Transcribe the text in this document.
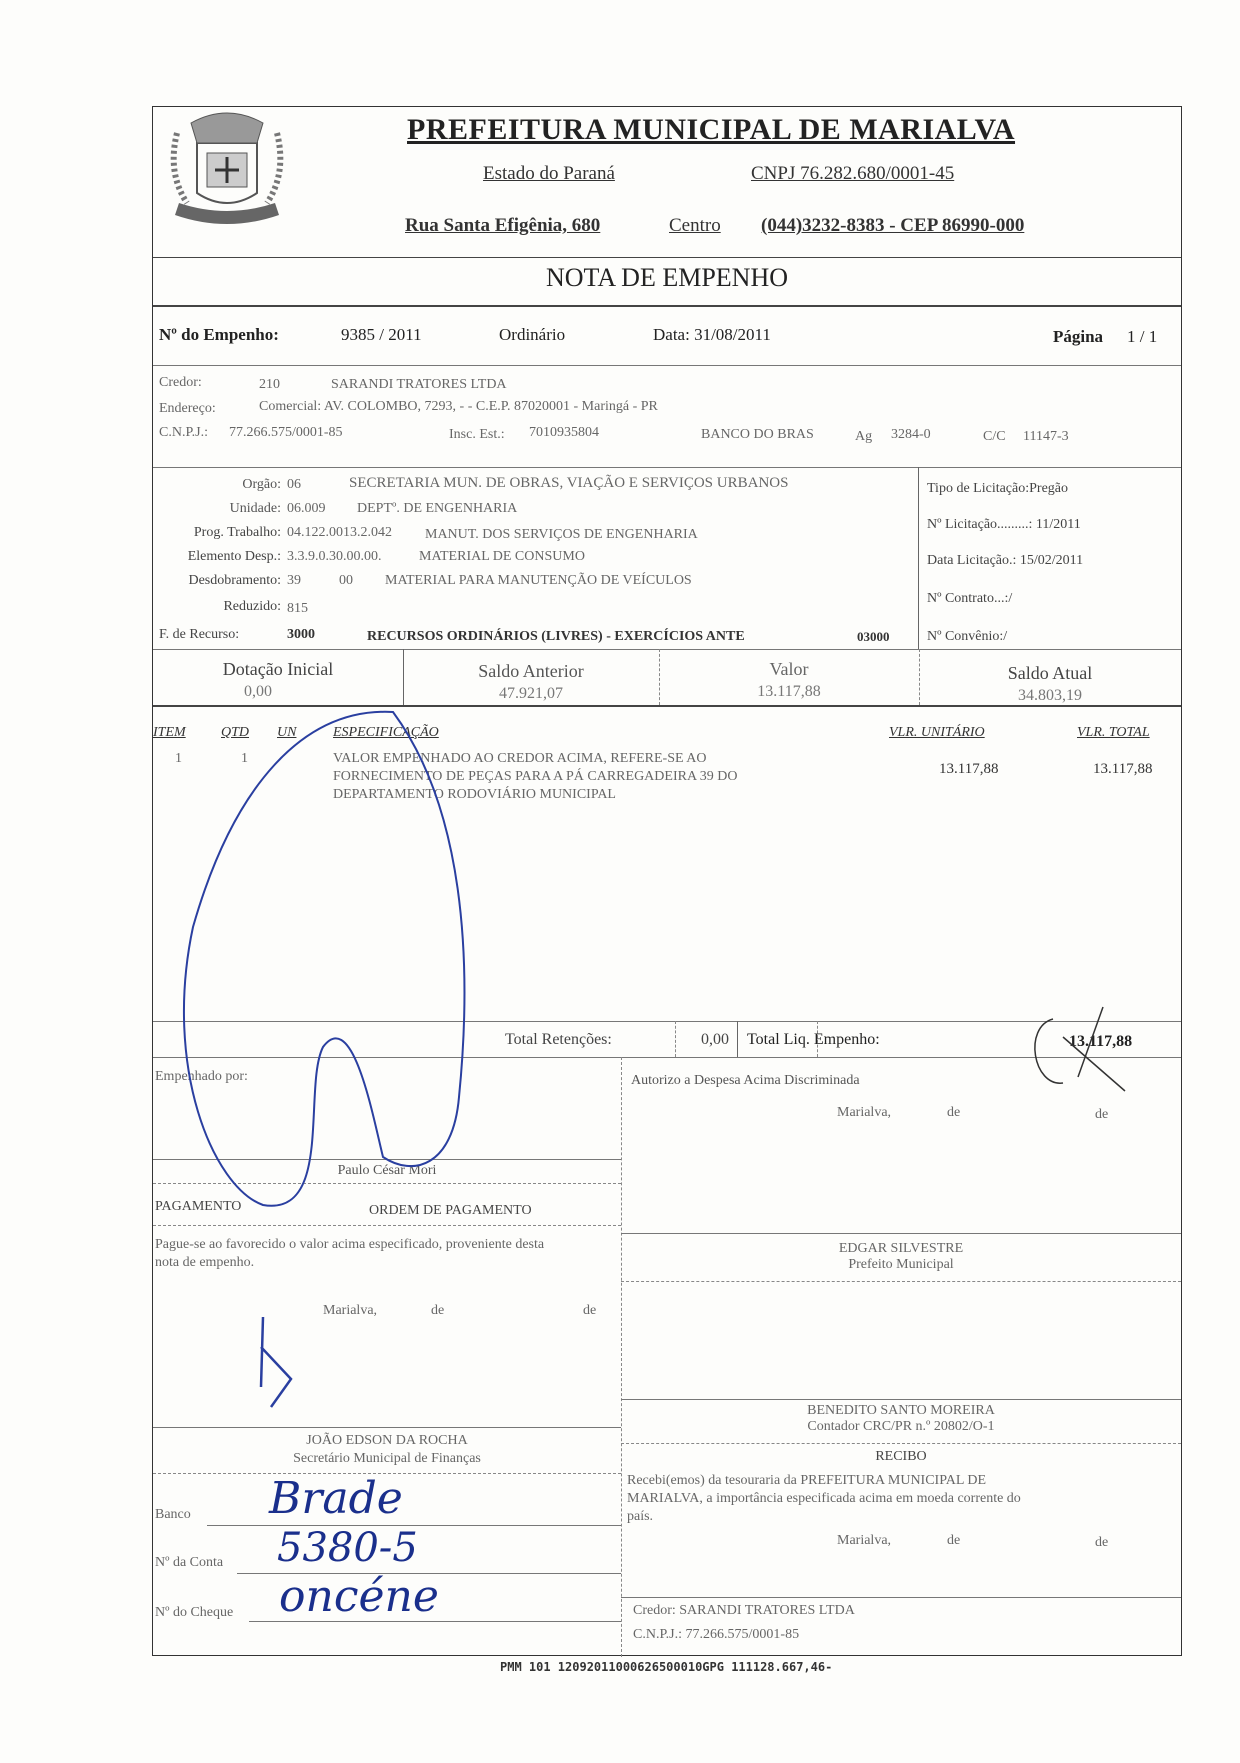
PREFEITURA MUNICIPAL DE MARIALVA
Estado do Paraná	CNPJ 76.282.680/0001-45
Rua Santa Efigênia, 680	Centro (044)3232-8383 - CEP 86990-000
NOTA DE EMPENHO
Nº do Empenho:	9385 / 2011	Ordinário	Data: 31/08/2011	Página 1 / 1
Credor:	210	SARANDI TRATORES LTDA
Endereço:	Comercial: AV. COLOMBO, 7293, - - C.E.P. 87020001 - Maringá - PR
C.N.P.J.: 77.266.575/0001-85	Insc. Est.: 7010935804	BANCO DO BRAS	Ag 3284-0	C/C 11147-3
Orgão: 06	SECRETARIA MUN. DE OBRAS, VIAÇÃO E SERVIÇOS URBANOS
Unidade: 06.009 DEPTº. DE ENGENHARIA
Prog. Trabalho: 04.122.0013.2.042 MANUT. DOS SERVIÇOS DE ENGENHARIA
Elemento Desp.: 3.3.9.0.30.00.00.	MATERIAL DE CONSUMO
Desdobramento: 39	00 MATERIAL PARA MANUTENÇÃO DE VEÍCULOS
Reduzido: 815
F. de Recurso:	3000	RECURSOS ORDINÁRIOS (LIVRES) - EXERCÍCIOS ANTE	03000
Tipo de Licitação:Pregão
Nº Licitação.........: 11/2011
Data Licitação.: 15/02/2011
Nº Contrato...:/
Nº Convênio:/
Dotação Inicial
0,00
Saldo Anterior
47.921,07
Valor
13.117,88
Saldo Atual
34.803,19
ITEM	QTD UN	ESPECIFICAÇÃO	VLR. UNITÁRIO	VLR. TOTAL
1	1	VALOR EMPENHADO AO CREDOR ACIMA, REFERE-SE AO
FORNECIMENTO DE PEÇAS PARA A PÁ CARREGADEIRA 39 DO
DEPARTAMENTO RODOVIÁRIO MUNICIPAL
13.117,88	13.117,88
Total Retenções:	0,00 Total Liq. Empenho:	13.117,88
Empenhado por:
Paulo César Mori
Autorizo a Despesa Acima Discriminada
Marialva,	de	de
PAGAMENTO	ORDEM DE PAGAMENTO
Pague-se ao favorecido o valor acima especificado, proveniente desta
nota de empenho.
Marialva,	de	de
EDGAR SILVESTRE
Prefeito Municipal
BENEDITO SANTO MOREIRA
Contador CRC/PR n.º 20802/O-1
JOÃO EDSON DA ROCHA
Secretário Municipal de Finanças	RECIBO
Recebi(emos) da tesouraria da PREFEITURA MUNICIPAL DE
MARIALVA, a importância especificada acima em moeda corrente do
país.
Marialva,	de	de
Banco Brade
Nº da Conta 5380-5
Nº do Cheque oncéne	Credor: SARANDI TRATORES LTDA
C.N.P.J.: 77.266.575/0001-85
PMM 101 12092011000626500010GPG 111128.667,46-
